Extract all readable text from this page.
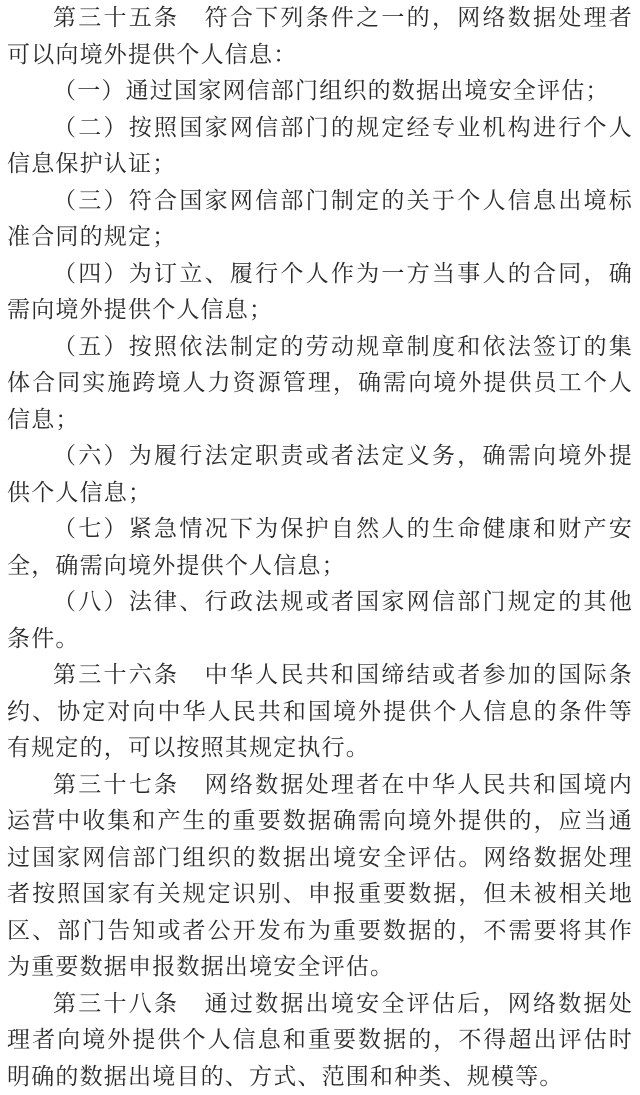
第三十五条　符合下列条件之一的，网络数据处理者可以向境外提供个人信息：

（一）通过国家网信部门组织的数据出境安全评估；

（二）按照国家网信部门的规定经专业机构进行个人信息保护认证；

（三）符合国家网信部门制定的关于个人信息出境标准合同的规定；

（四）为订立、履行个人作为一方当事人的合同，确需向境外提供个人信息；

（五）按照依法制定的劳动规章制度和依法签订的集体合同实施跨境人力资源管理，确需向境外提供员工个人信息；

（六）为履行法定职责或者法定义务，确需向境外提供个人信息；

（七）紧急情况下为保护自然人的生命健康和财产安全，确需向境外提供个人信息；

（八）法律、行政法规或者国家网信部门规定的其他条件。

第三十六条　中华人民共和国缔结或者参加的国际条约、协定对向中华人民共和国境外提供个人信息的条件等有规定的，可以按照其规定执行。

第三十七条　网络数据处理者在中华人民共和国境内运营中收集和产生的重要数据确需向境外提供的，应当通过国家网信部门组织的数据出境安全评估。网络数据处理者按照国家有关规定识别、申报重要数据，但未被相关地区、部门告知或者公开发布为重要数据的，不需要将其作为重要数据申报数据出境安全评估。

第三十八条　通过数据出境安全评估后，网络数据处理者向境外提供个人信息和重要数据的，不得超出评估时明确的数据出境目的、方式、范围和种类、规模等。
